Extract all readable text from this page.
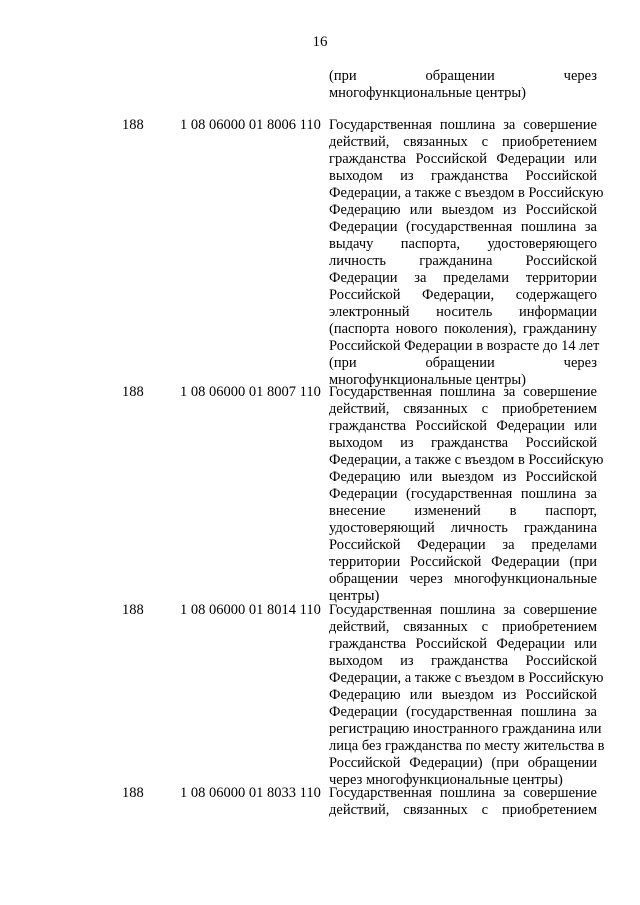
16
(при обращении через
многофункциональные центры)
188	1 08 06000 01 8006 110 Государственная пошлина за совершение
действий, связанных с приобретением
гражданства Российской Федерации или
выходом из гражданства Российской
Федерации, а также с въездом в Российскую
Федерацию или выездом из Российской
Федерации (государственная пошлина за
выдачу паспорта, удостоверяющего
личность гражданина Российской
Федерации за пределами территории
Российской Федерации, содержащего
электронный носитель информации
(паспорта нового поколения), гражданину
Российской Федерации в возрасте до 14 лет
(при обращении через
многофункциональные центры)
188	1 08 06000 01 8007 110 Государственная пошлина за совершение
действий, связанных с приобретением
гражданства Российской Федерации или
выходом из гражданства Российской
Федерации, а также с въездом в Российскую
Федерацию или выездом из Российской
Федерации (государственная пошлина за
внесение изменений в паспорт,
удостоверяющий личность гражданина
Российской Федерации за пределами
территории Российской Федерации (при
обращении через многофункциональные
центры)
188	1 08 06000 01 8014 110 Государственная пошлина за совершение
действий, связанных с приобретением
гражданства Российской Федерации или
выходом из гражданства Российской
Федерации, а также с въездом в Российскую
Федерацию или выездом из Российской
Федерации (государственная пошлина за
регистрацию иностранного гражданина или
лица без гражданства по месту жительства в
Российской Федерации) (при обращении
через многофункциональные центры)
188	1 08 06000 01 8033 110 Государственная пошлина за совершение
действий, связанных с приобретением
